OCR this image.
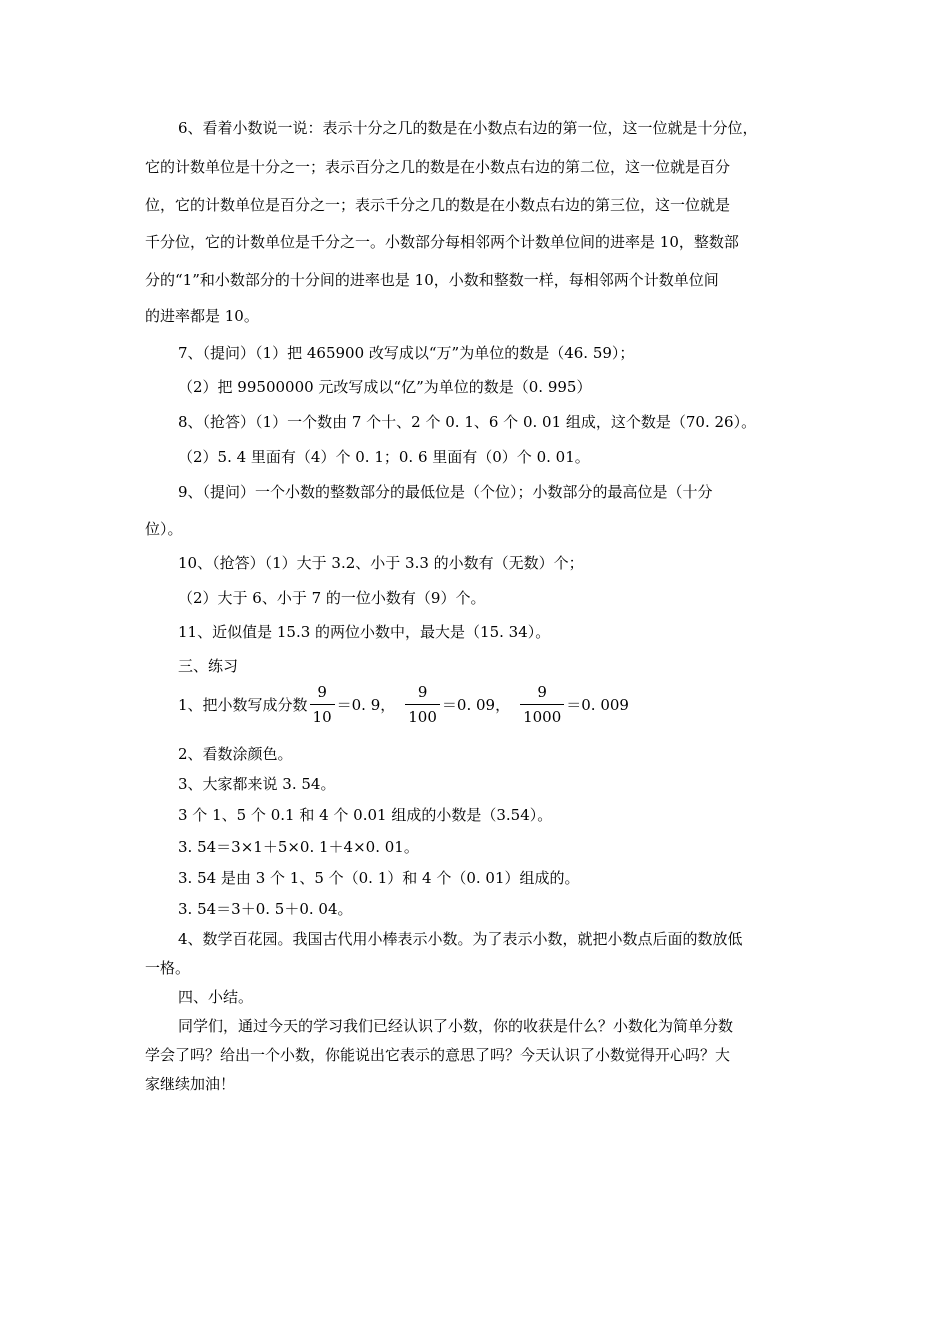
6、看着小数说一说：表示十分之几的数是在小数点右边的第一位，这一位就是十分位，
它的计数单位是十分之一；表示百分之几的数是在小数点右边的第二位，这一位就是百分
位，它的计数单位是百分之一；表示千分之几的数是在小数点右边的第三位，这一位就是
千分位，它的计数单位是千分之一。小数部分每相邻两个计数单位间的进率是 10，整数部
分的“1”和小数部分的十分间的进率也是 10，小数和整数一样，每相邻两个计数单位间
的进率都是 10。
7、（提问）（1）把 465900 改写成以“万”为单位的数是（46. 59）；
（2）把 99500000 元改写成以“亿”为单位的数是（0. 995）
8、（抢答）（1）一个数由 7 个十、2 个 0. 1、6 个 0. 01 组成，这个数是（70. 26）。
（2）5. 4 里面有（4）个 0. 1；0. 6 里面有（0）个 0. 01。
9、（提问）一个小数的整数部分的最低位是（个位）；小数部分的最高位是（十分
位）。
10、（抢答）（1）大于 3.2、小于 3.3 的小数有（无数）个；
（2）大于 6、小于 7 的一位小数有（9）个。
11、近似值是 15.3 的两位小数中，最大是（15. 34）。
三、练习
1、把小数写成分数 $\frac{9}{10} =0$. 9， $\frac{9}{100} =0$. 09， $\frac{9}{1000} =0$. 009
2、看数涂颜色。
3、大家都来说 3. 54。
3 个 1、5 个 0.1 和 4 个 0.01 组成的小数是（3.54）。
3. 54＝3×1＋5×0. 1＋4×0. 01。
3. 54 是由 3 个 1、5 个（0. 1）和 4 个（0. 01）组成的。
3. 54＝3＋0. 5＋0. 04。
4、数学百花园。我国古代用小棒表示小数。为了表示小数，就把小数点后面的数放低
一格。
四、小结。
同学们，通过今天的学习我们已经认识了小数，你的收获是什么？小数化为简单分数
学会了吗？给出一个小数，你能说出它表示的意思了吗？今天认识了小数觉得开心吗？大
家继续加油！
